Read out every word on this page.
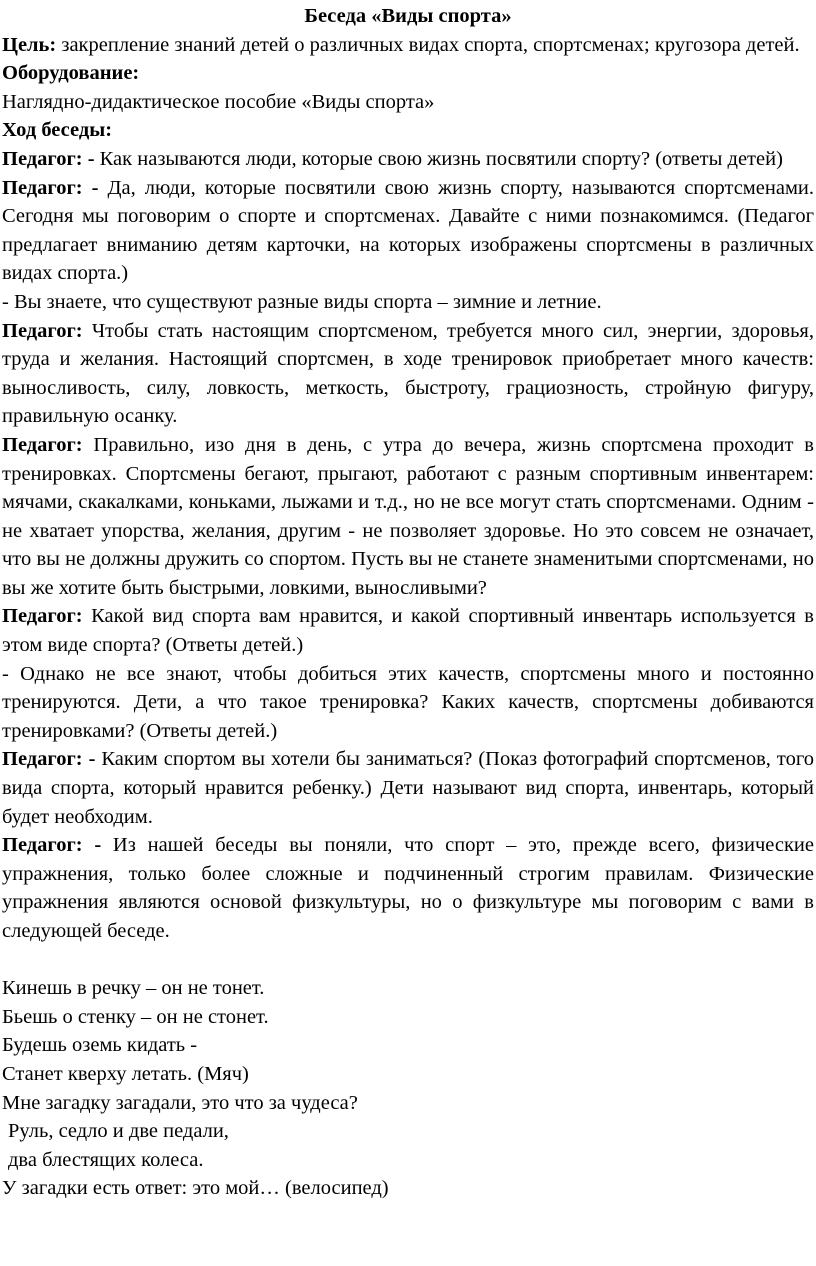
Беседа «Виды спорта»

Цель: закрепление знаний детей о различных видах спорта, спортсменах; кругозора детей.

Оборудование:

Наглядно-дидактическое пособие «Виды спорта»

Ход беседы:

Педагог: - Как называются люди, которые свою жизнь посвятили спорту? (ответы детей)

Педагог: - Да, люди, которые посвятили свою жизнь спорту, называются спортсменами. Сегодня мы поговорим о спорте и спортсменах. Давайте с ними познакомимся. (Педагог предлагает вниманию детям карточки, на которых изображены спортсмены в различных видах спорта.)

- Вы знаете, что существуют разные виды спорта – зимние и летние.

Педагог: Чтобы стать настоящим спортсменом, требуется много сил, энергии, здоровья, труда и желания. Настоящий спортсмен, в ходе тренировок приобретает много качеств: выносливость, силу, ловкость, меткость, быстроту, грациозность, стройную фигуру, правильную осанку.

Педагог: Правильно, изо дня в день, с утра до вечера, жизнь спортсмена проходит в тренировках. Спортсмены бегают, прыгают, работают с разным спортивным инвентарем: мячами, скакалками, коньками, лыжами и т.д., но не все могут стать спортсменами. Одним - не хватает упорства, желания, другим - не позволяет здоровье. Но это совсем не означает, что вы не должны дружить со спортом. Пусть вы не станете знаменитыми спортсменами, но вы же хотите быть быстрыми, ловкими, выносливыми?

Педагог: Какой вид спорта вам нравится, и какой спортивный инвентарь используется в этом виде спорта? (Ответы детей.)

- Однако не все знают, чтобы добиться этих качеств, спортсмены много и постоянно тренируются. Дети, а что такое тренировка? Каких качеств, спортсмены добиваются тренировками? (Ответы детей.)

Педагог: - Каким спортом вы хотели бы заниматься? (Показ фотографий спортсменов, того вида спорта, который нравится ребенку.) Дети называют вид спорта, инвентарь, который будет необходим.

Педагог: - Из нашей беседы вы поняли, что спорт – это, прежде всего, физические упражнения, только более сложные и подчиненный строгим правилам. Физические упражнения являются основой физкультуры, но о физкультуре мы поговорим с вами в следующей беседе.

Кинешь в речку – он не тонет.

Бьешь о стенку – он не стонет.

Будешь оземь кидать -

Станет кверху летать. (Мяч)

Мне загадку загадали, это что за чудеса?

Руль, седло и две педали,

два блестящих колеса.

У загадки есть ответ: это мой… (велосипед)
